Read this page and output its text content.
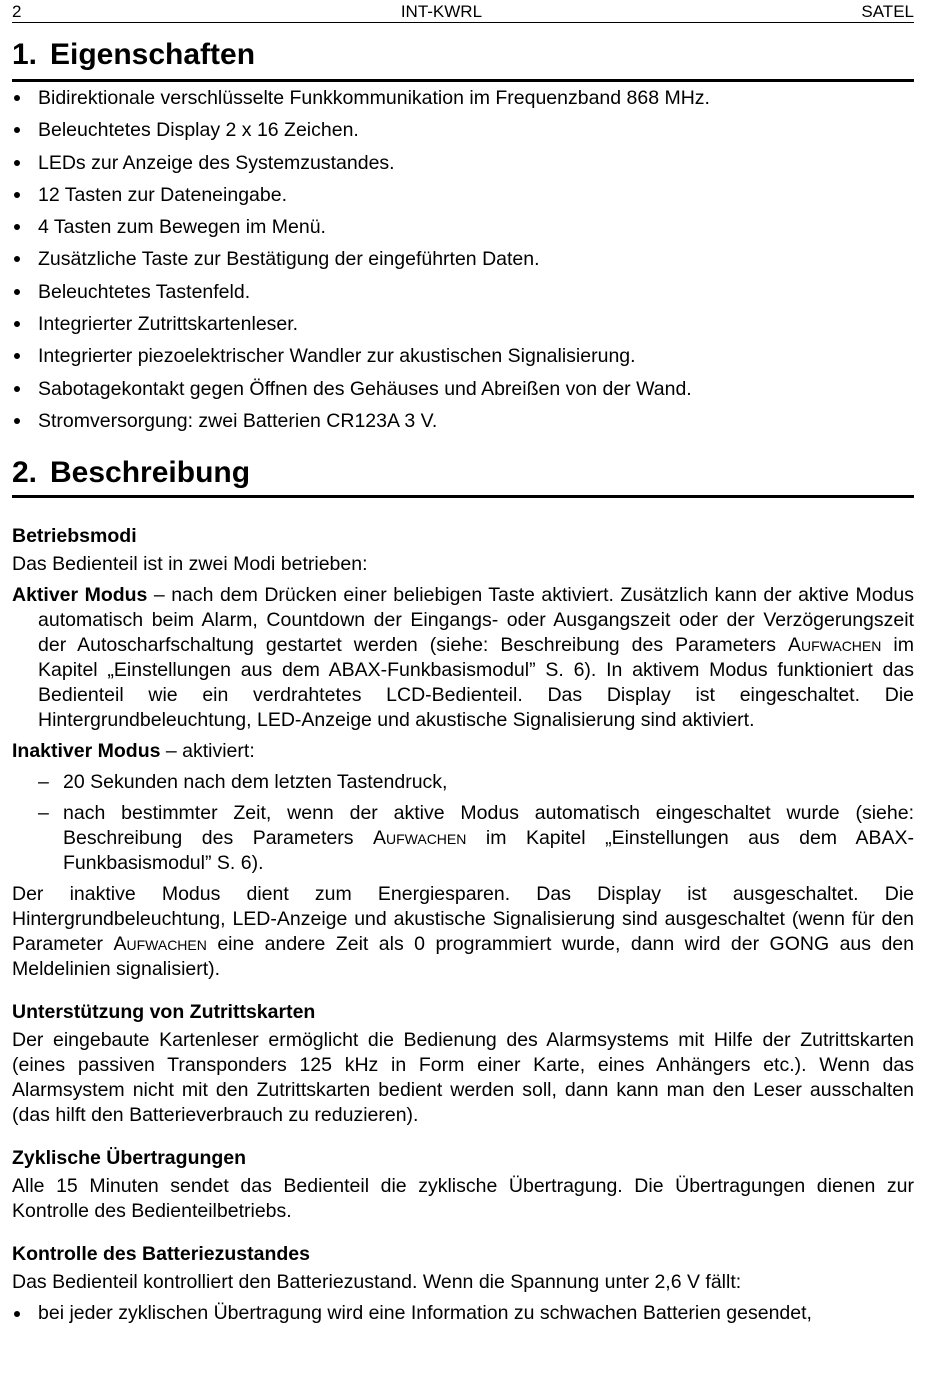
2	INT-KWRL	SATEL
1. Eigenschaften
Bidirektionale verschlüsselte Funkkommunikation im Frequenzband 868 MHz.
Beleuchtetes Display 2 x 16 Zeichen.
LEDs zur Anzeige des Systemzustandes.
12 Tasten zur Dateneingabe.
4 Tasten zum Bewegen im Menü.
Zusätzliche Taste zur Bestätigung der eingeführten Daten.
Beleuchtetes Tastenfeld.
Integrierter Zutrittskartenleser.
Integrierter piezoelektrischer Wandler zur akustischen Signalisierung.
Sabotagekontakt gegen Öffnen des Gehäuses und Abreißen von der Wand.
Stromversorgung: zwei Batterien CR123A 3 V.
2. Beschreibung
Betriebsmodi

Das Bedienteil ist in zwei Modi betrieben:

Aktiver Modus – nach dem Drücken einer beliebigen Taste aktiviert. Zusätzlich kann der aktive Modus automatisch beim Alarm, Countdown der Eingangs- oder Ausgangszeit oder der Verzögerungszeit der Autoscharfschaltung gestartet werden (siehe: Beschreibung des Parameters Aufwachen im Kapitel „Einstellungen aus dem ABAX-Funkbasismodul” S. 6). In aktivem Modus funktioniert das Bedienteil wie ein verdrahtetes LCD-Bedienteil. Das Display ist eingeschaltet. Die Hintergrundbeleuchtung, LED-Anzeige und akustische Signalisierung sind aktiviert.

Inaktiver Modus – aktiviert:

– 20 Sekunden nach dem letzten Tastendruck,
– nach bestimmter Zeit, wenn der aktive Modus automatisch eingeschaltet wurde (siehe: Beschreibung des Parameters Aufwachen im Kapitel „Einstellungen aus dem ABAX-Funkbasismodul” S. 6).

Der inaktive Modus dient zum Energiesparen. Das Display ist ausgeschaltet. Die Hintergrundbeleuchtung, LED-Anzeige und akustische Signalisierung sind ausgeschaltet (wenn für den Parameter Aufwachen eine andere Zeit als 0 programmiert wurde, dann wird der GONG aus den Meldelinien signalisiert).

Unterstützung von Zutrittskarten

Der eingebaute Kartenleser ermöglicht die Bedienung des Alarmsystems mit Hilfe der Zutrittskarten (eines passiven Transponders 125 kHz in Form einer Karte, eines Anhängers etc.). Wenn das Alarmsystem nicht mit den Zutrittskarten bedient werden soll, dann kann man den Leser ausschalten (das hilft den Batterieverbrauch zu reduzieren).

Zyklische Übertragungen

Alle 15 Minuten sendet das Bedienteil die zyklische Übertragung. Die Übertragungen dienen zur Kontrolle des Bedienteilbetriebs.

Kontrolle des Batteriezustandes

Das Bedienteil kontrolliert den Batteriezustand. Wenn die Spannung unter 2,6 V fällt:

bei jeder zyklischen Übertragung wird eine Information zu schwachen Batterien gesendet,
